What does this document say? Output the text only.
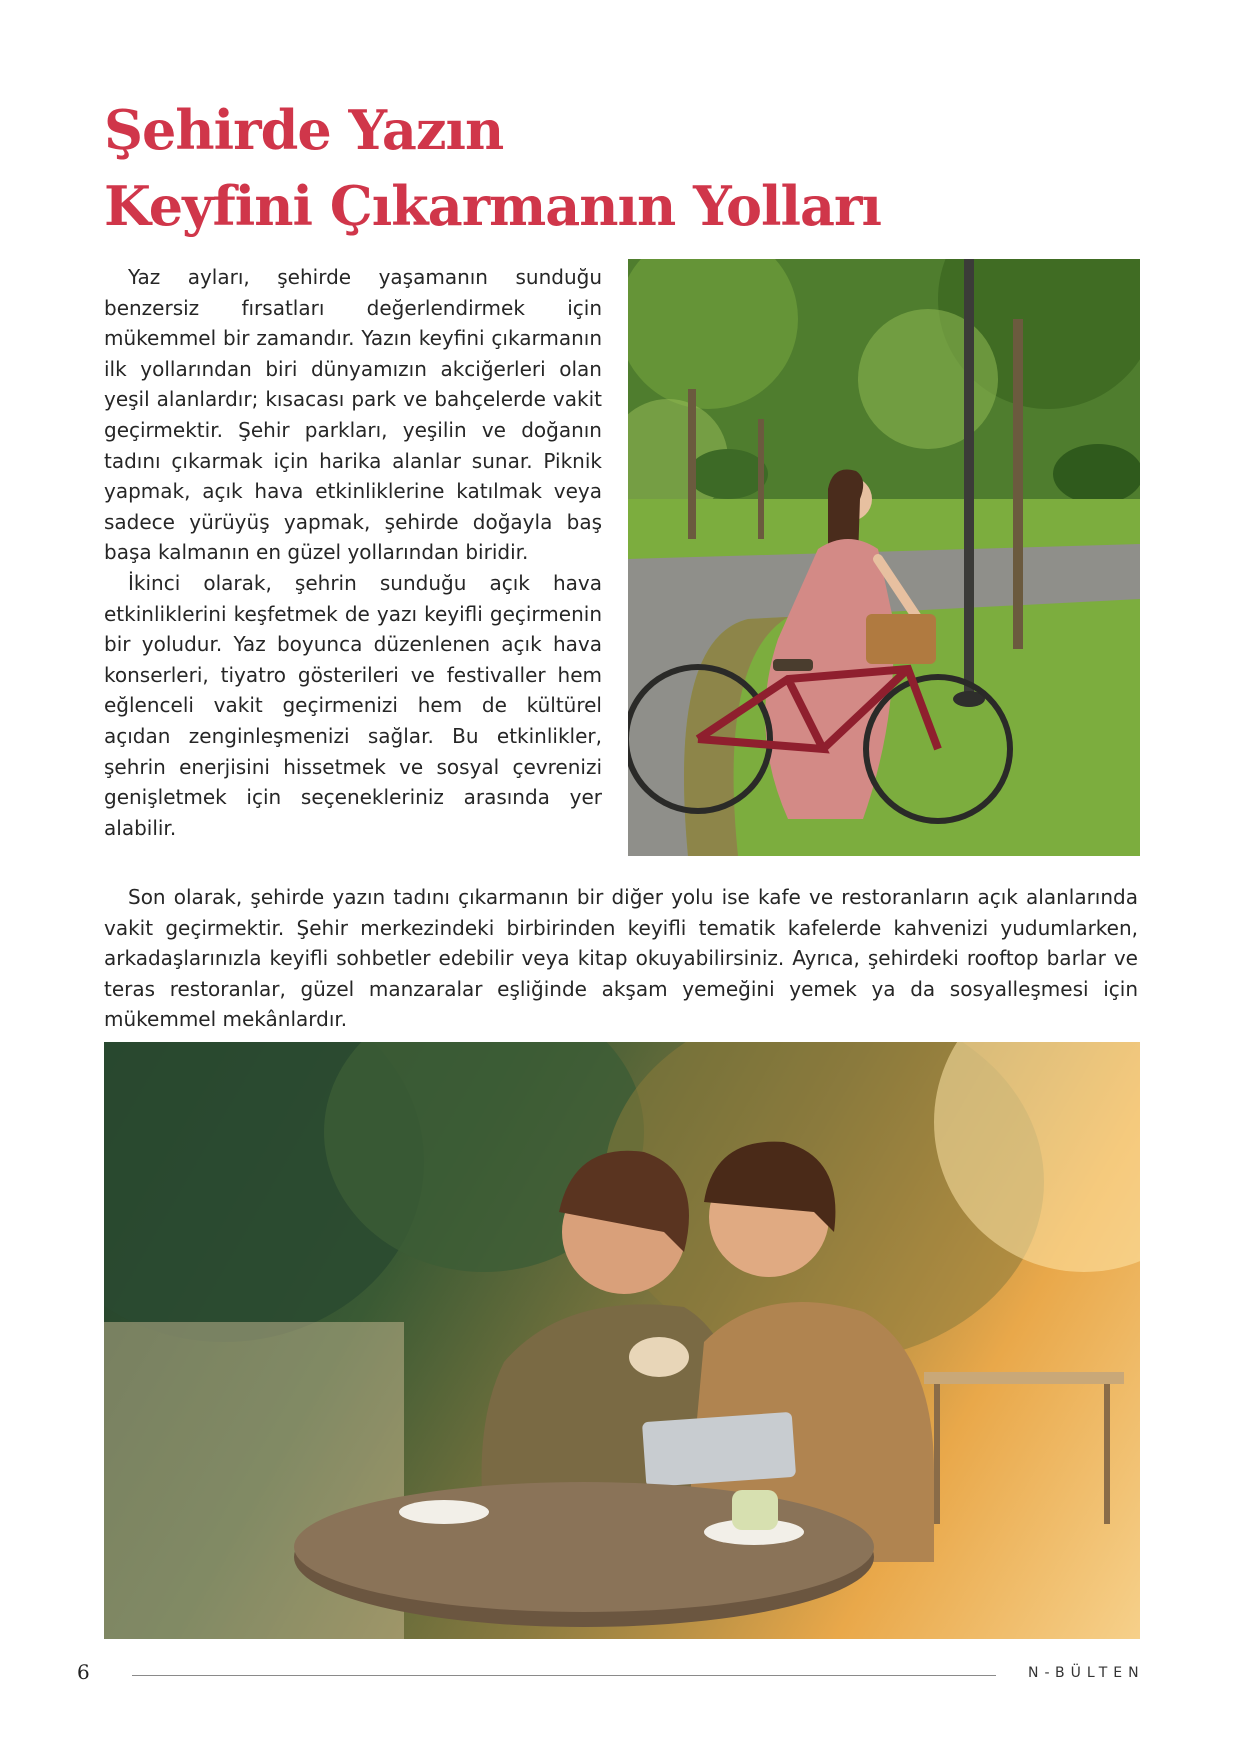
Şehirde Yazın
Keyfini Çıkarmanın Yolları

Yaz ayları, şehirde yaşamanın sunduğu benzersiz fırsatları değerlendirmek için mükemmel bir zamandır. Yazın keyfini çıkarmanın ilk yollarından biri dünyamızın akciğerleri olan yeşil alanlardır; kısacası park ve bahçelerde vakit geçirmektir. Şehir parkları, yeşilin ve doğanın tadını çıkarmak için harika alanlar sunar. Piknik yapmak, açık hava etkinliklerine katılmak veya sadece yürüyüş yapmak, şehirde doğayla baş başa kalmanın en güzel yollarından biridir.

İkinci olarak, şehrin sunduğu açık hava etkinliklerini keşfetmek de yazı keyifli geçirmenin bir yoludur. Yaz boyunca düzenlenen açık hava konserleri, tiyatro gösterileri ve festivaller hem eğlenceli vakit geçirmenizi hem de kültürel açıdan zenginleşmenizi sağlar. Bu etkinlikler, şehrin enerjisini hissetmek ve sosyal çevrenizi genişletmek için seçenekleriniz arasında yer alabilir.

Son olarak, şehirde yazın tadını çıkarmanın bir diğer yolu ise kafe ve restoranların açık alanlarında vakit geçirmektir. Şehir merkezindeki birbirinden keyifli tematik kafelerde kahvenizi yudumlarken, arkadaşlarınızla keyifli sohbetler edebilir veya kitap okuyabilirsiniz. Ayrıca, şehirdeki rooftop barlar ve teras restoranlar, güzel manzaralar eşliğinde akşam yemeğini yemek ya da sosyalleşmesi için mükemmel mekânlardır.

6	N-BÜLTEN
